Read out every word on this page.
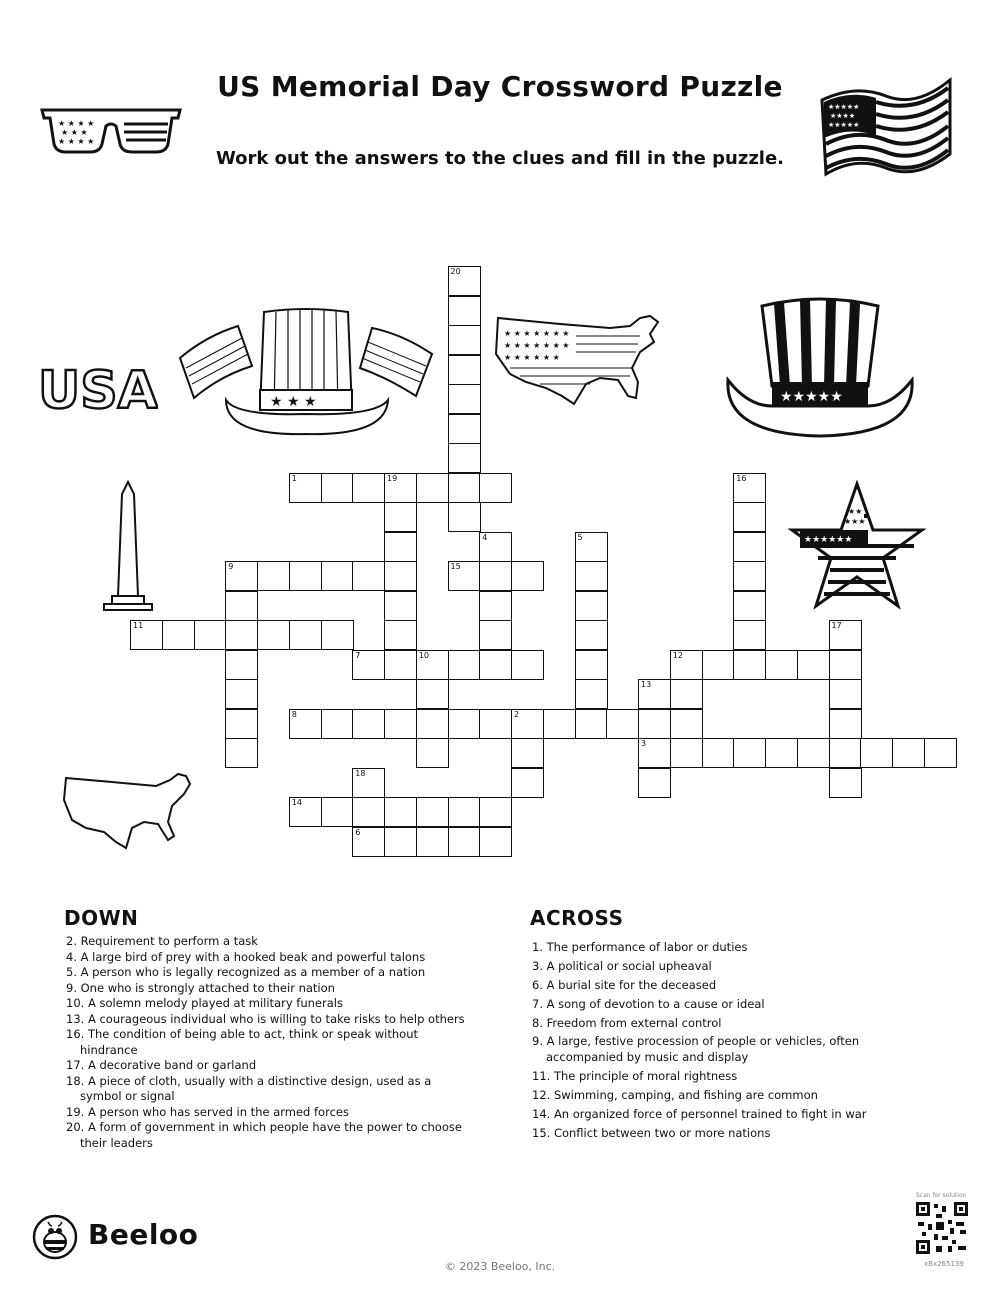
US Memorial Day Crossword Puzzle
Work out the answers to the clues and fill in the puzzle.
★ ★ ★ ★
★ ★ ★
★ ★ ★ ★
★★★★★
★★★★
★★★★★
USA	★ ★ ★
★ ★ ★ ★ ★ ★ ★
★ ★ ★ ★ ★ ★ ★
★ ★ ★ ★ ★ ★
★★★★★
★★★★★★
★★
★★★
1	19
9	15
11
7	10	12
8	2
3
14
6
20
4	5
13
16
17
18
DOWN
2. Requirement to perform a task
4. A large bird of prey with a hooked beak and powerful talons
5. A person who is legally recognized as a member of a nation
9. One who is strongly attached to their nation
10. A solemn melody played at military funerals
13. A courageous individual who is willing to take risks to help others
16. The condition of being able to act, think or speak without hindrance
17. A decorative band or garland
18. A piece of cloth, usually with a distinctive design, used as a symbol or signal
19. A person who has served in the armed forces
20. A form of government in which people have the power to choose their leaders
ACROSS
1. The performance of labor or duties
3. A political or social upheaval
6. A burial site for the deceased
7. A song of devotion to a cause or ideal
8. Freedom from external control
9. A large, festive procession of people or vehicles, often accompanied by music and display
11. The principle of moral rightness
12. Swimming, camping, and fishing are common
14. An organized force of personnel trained to fight in war
15. Conflict between two or more nations
Beeloo
© 2023 Beeloo, Inc.
Scan for solution
xBx265139
